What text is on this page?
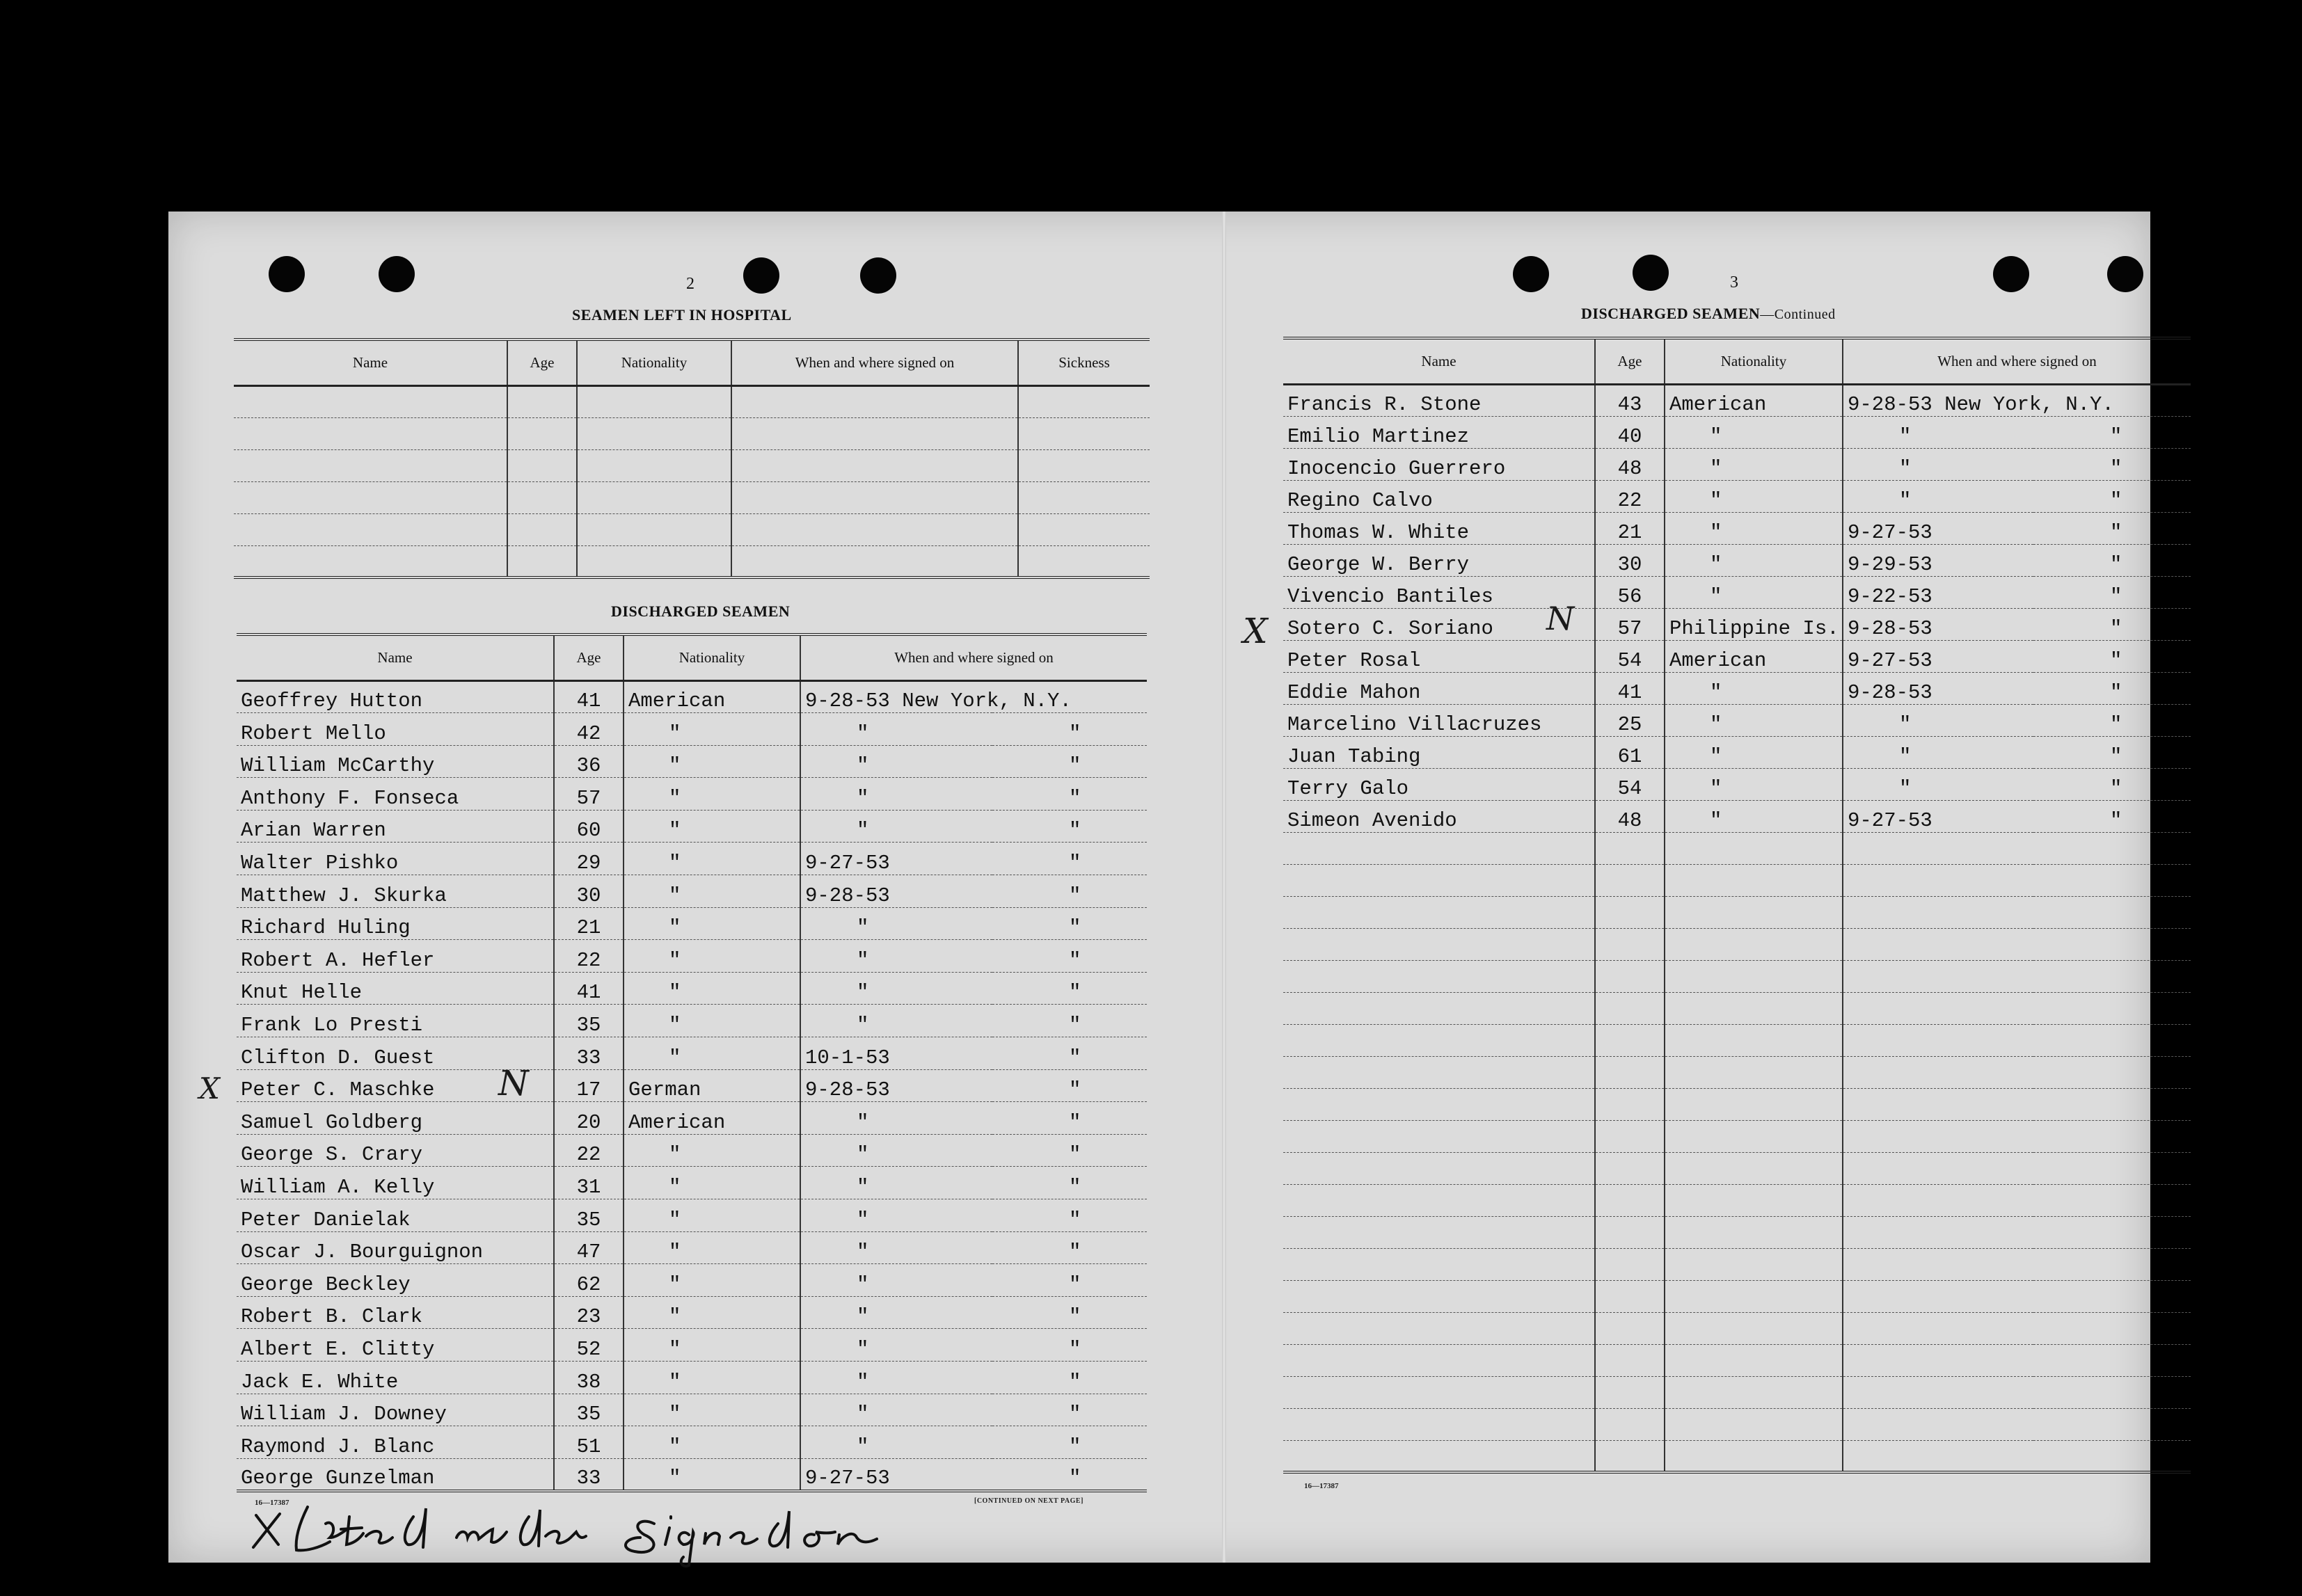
2
SEAMEN LEFT IN HOSPITAL
Name	Age	Nationality	When and where signed on	Sickness

DISCHARGED SEAMEN
Name	Age	Nationality	When and where signed on	
Geoffrey Hutton	41	American	9-28-53 New York, N.Y.	
Robert Mello	42	"	"	"
William McCarthy	36	"	"	"
Anthony F. Fonseca	57	"	"	"
Arian Warren	60	"	"	"
Walter Pishko	29	"	9-27-53	"
Matthew J. Skurka	30	"	9-28-53	"
Richard Huling	21	"	"	"
Robert A. Hefler	22	"	"	"
Knut Helle	41	"	"	"
Frank Lo Presti	35	"	"	"
Clifton D. Guest	33	"	10-1-53	"
Peter C. Maschke	17	German	9-28-53	"
Samuel Goldberg	20	American	"	"
George S. Crary	22	"	"	"
William A. Kelly	31	"	"	"
Peter Danielak	35	"	"	"
Oscar J. Bourguignon	47	"	"	"
George Beckley	62	"	"	"
Robert B. Clark	23	"	"	"
Albert E. Clitty	52	"	"	"
Jack E. White	38	"	"	"
William J. Downey	35	"	"	"
Raymond J. Blanc	51	"	"	"
George Gunzelman	33	"	9-27-53	"
16—17387	[CONTINUED ON NEXT PAGE]
X	N
3
DISCHARGED SEAMEN—Continued
Name	Age	Nationality	When and where signed on	
Francis R. Stone	43	American	9-28-53 New York, N.Y.	
Emilio Martinez	40	"	"	"
Inocencio Guerrero	48	"	"	"
Regino Calvo	22	"	"	"
Thomas W. White	21	"	9-27-53	"
George W. Berry	30	"	9-29-53	"
Vivencio Bantiles	56	"	9-22-53	"
Sotero C. Soriano	57	Philippine Is.	9-28-53	"
Peter Rosal	54	American	9-27-53	"
Eddie Mahon	41	"	9-28-53	"
Marcelino Villacruzes	25	"	"	"
Juan Tabing	61	"	"	"
Terry Galo	54	"	"	"
Simeon Avenido	48	"	9-27-53	"

16—17387
X	N
